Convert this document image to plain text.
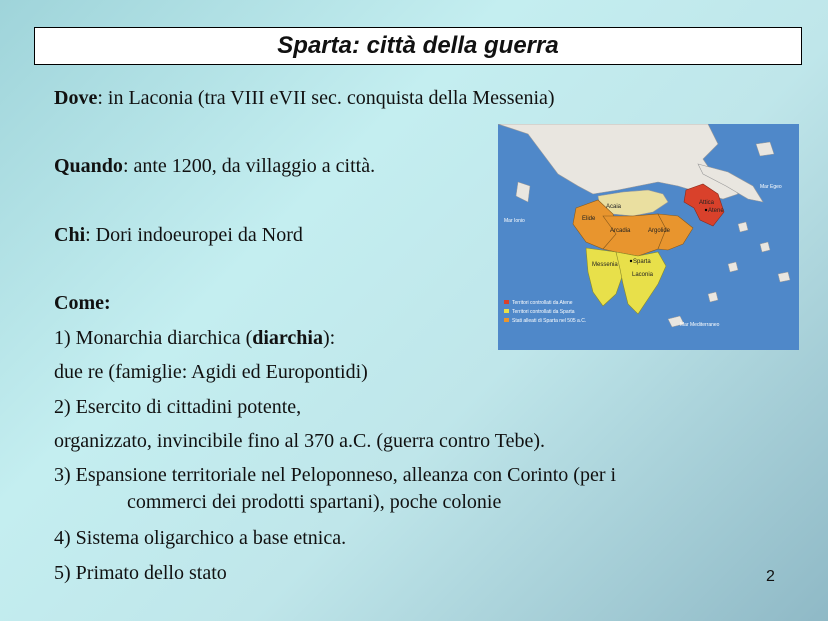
Sparta: città della guerra
Dove: in Laconia (tra VIII eVII sec. conquista della Messenia)
Quando: ante 1200, da villaggio a città.
Chi: Dori indoeuropei da Nord
Come:
1) Monarchia diarchica (diarchia):
due re (famiglie: Agidi ed Europontidi)
2) Esercito di cittadini potente,
organizzato, invincibile fino al 370 a.C. (guerra contro Tebe).
3) Espansione territoriale nel Peloponneso, alleanza con Corinto (per i
commerci dei prodotti spartani), poche colonie
4) Sistema oligarchico a base etnica.
5) Primato dello stato	2
Acaia
Elide
Arcadia	Argolide
Messenia	Sparta
Laconia
Attica
Atene
Mar Egeo
Mar Ionio
Mar Mediterraneo
Territori controllati da Atene
Territori controllati da Sparta
Stati alleati di Sparta nel 505 a.C.
